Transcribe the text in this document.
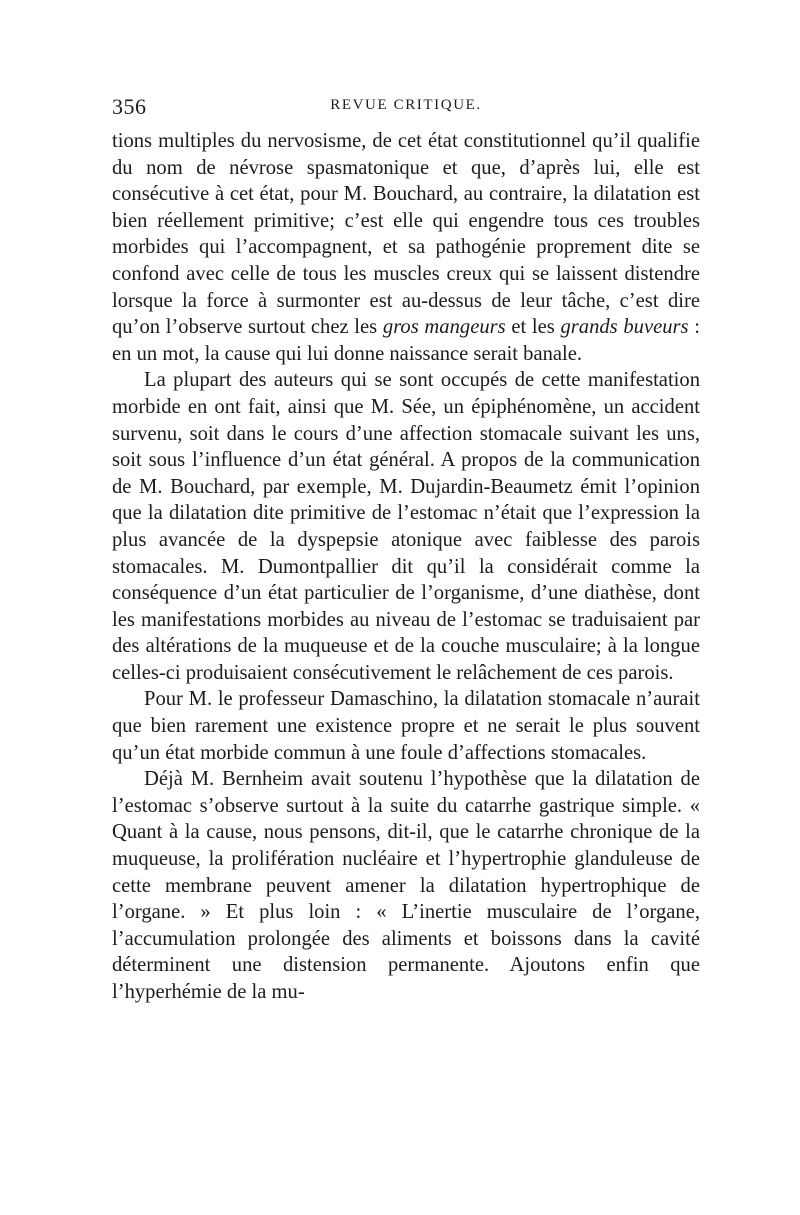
356	REVUE CRITIQUE.

tions multiples du nervosisme, de cet état constitutionnel qu’il qualifie du nom de névrose spasmatonique et que, d’après lui, elle est consécutive à cet état, pour M. Bouchard, au contraire, la dilatation est bien réellement primitive; c’est elle qui engendre tous ces troubles morbides qui l’accompagnent, et sa pathogénie proprement dite se confond avec celle de tous les muscles creux qui se laissent distendre lorsque la force à surmonter est au-dessus de leur tâche, c’est dire qu’on l’observe surtout chez les gros mangeurs et les grands buveurs : en un mot, la cause qui lui donne naissance serait banale.

La plupart des auteurs qui se sont occupés de cette manifestation morbide en ont fait, ainsi que M. Sée, un épiphénomène, un accident survenu, soit dans le cours d’une affection stomacale suivant les uns, soit sous l’influence d’un état général. A propos de la communication de M. Bouchard, par exemple, M. Dujardin-Beaumetz émit l’opinion que la dilatation dite primitive de l’estomac n’était que l’expression la plus avancée de la dyspepsie atonique avec faiblesse des parois stomacales. M. Dumontpallier dit qu’il la considérait comme la conséquence d’un état particulier de l’organisme, d’une diathèse, dont les manifestations morbides au niveau de l’estomac se traduisaient par des altérations de la muqueuse et de la couche musculaire; à la longue celles-ci produisaient consécutivement le relâchement de ces parois.

Pour M. le professeur Damaschino, la dilatation stomacale n’aurait que bien rarement une existence propre et ne serait le plus souvent qu’un état morbide commun à une foule d’affections stomacales.

Déjà M. Bernheim avait soutenu l’hypothèse que la dilatation de l’estomac s’observe surtout à la suite du catarrhe gastrique simple. « Quant à la cause, nous pensons, dit-il, que le catarrhe chronique de la muqueuse, la prolifération nucléaire et l’hypertrophie glanduleuse de cette membrane peuvent amener la dilatation hypertrophique de l’organe. » Et plus loin : « L’inertie musculaire de l’organe, l’accumulation prolongée des aliments et boissons dans la cavité déterminent une distension permanente. Ajoutons enfin que l’hyperhémie de la mu-
